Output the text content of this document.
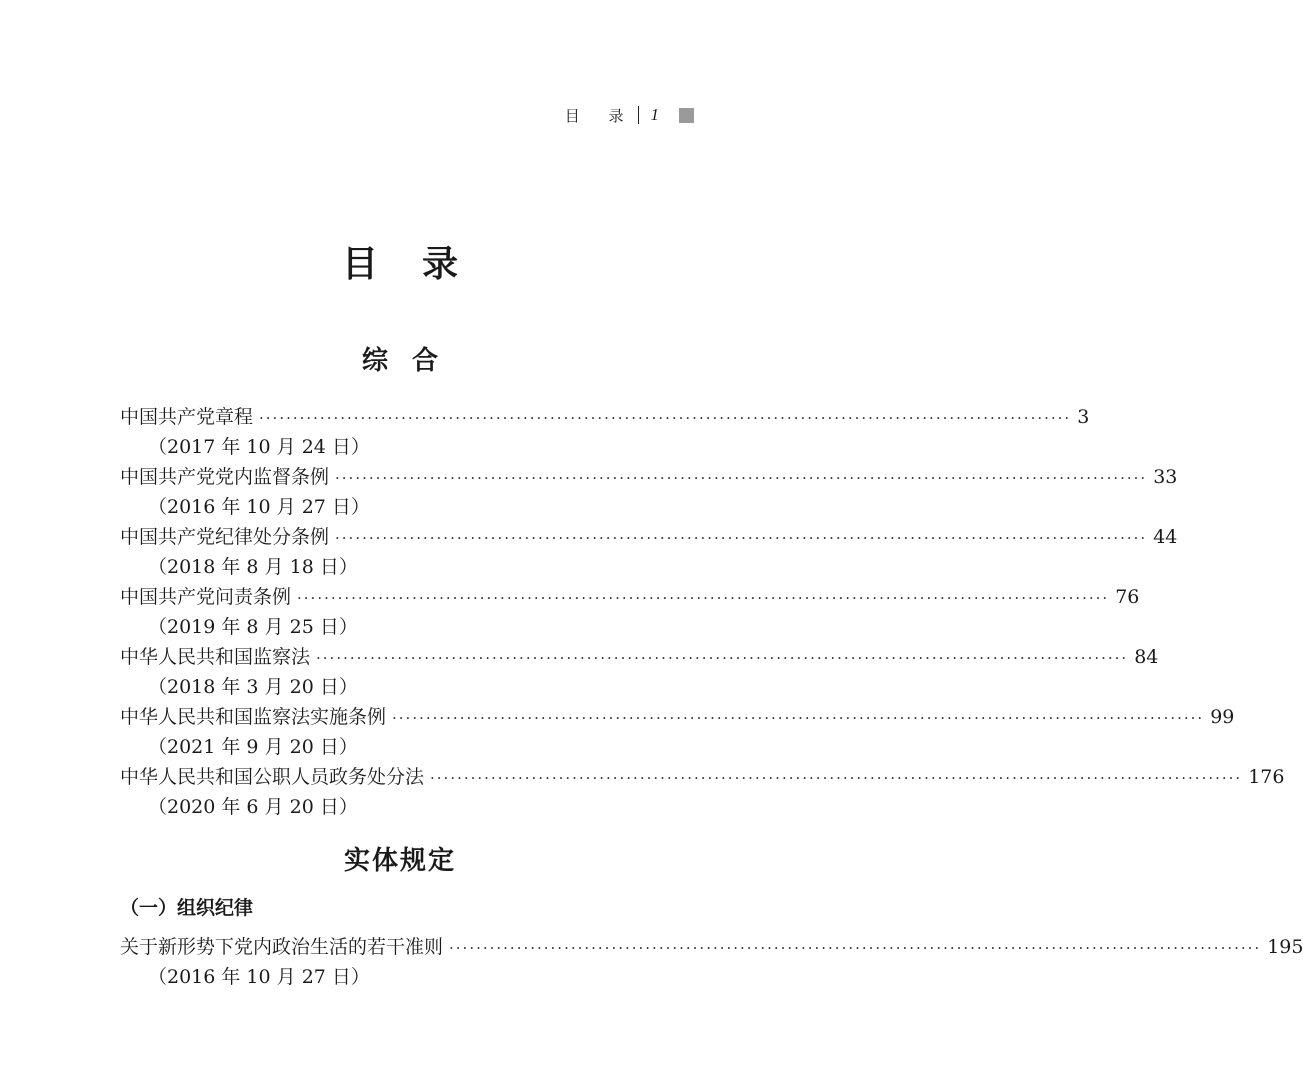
目 录 1
目录
综合
中国共产党章程 ························································································································ 3
（2017 年 10 月 24 日）
中国共产党党内监督条例 ························································································································ 33
（2016 年 10 月 27 日）
中国共产党纪律处分条例 ························································································································ 44
（2018 年 8 月 18 日）
中国共产党问责条例 ························································································································ 76
（2019 年 8 月 25 日）
中华人民共和国监察法 ························································································································ 84
（2018 年 3 月 20 日）
中华人民共和国监察法实施条例 ························································································································ 99
（2021 年 9 月 20 日）
中华人民共和国公职人员政务处分法 ························································································································ 176
（2020 年 6 月 20 日）
实体规定
（一）组织纪律
关于新形势下党内政治生活的若干准则 ························································································································ 195
（2016 年 10 月 27 日）
